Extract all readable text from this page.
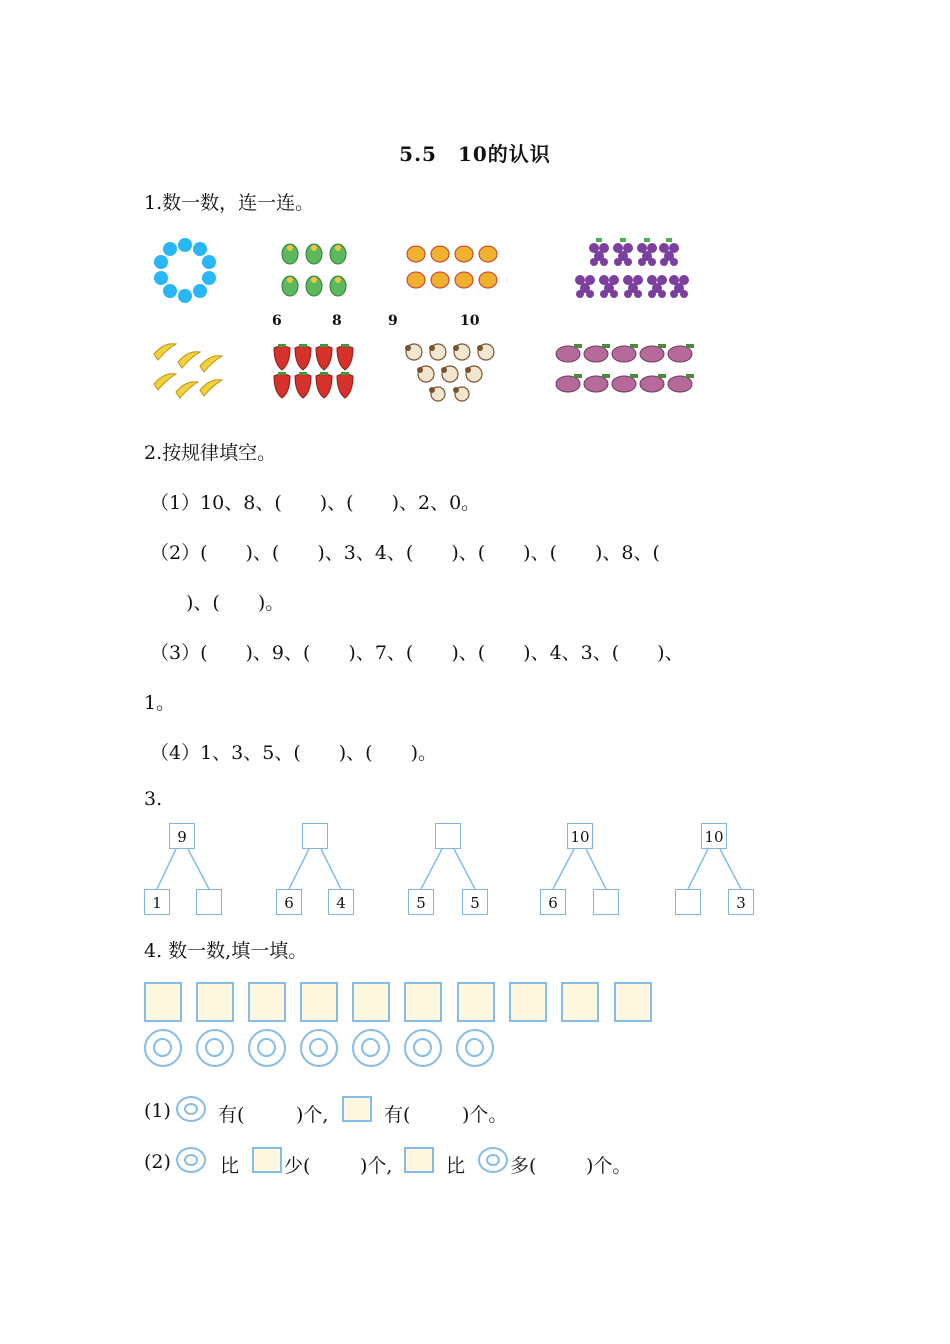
5.5　10的认识
1.数一数，连一连。
6	8	9	10
2.按规律填空。
（1）10、8、(　　)、(　　)、2、0。
（2）(　　)、(　　)、3、4、(　　)、(　　)、(　　)、8、(
)、(　　)。
（3）(　　)、9、(　　)、7、(　　)、(　　)、4、3、(　　)、
1。
（4）1、3、5、(　　)、(　　)。
3.
9
1	6	4	5	5
10
6
10
3
4. 数一数,填一填。
(1) 有(	)个,	有(	)个。
(2)	比 少(	)个,	比 多(	)个。
